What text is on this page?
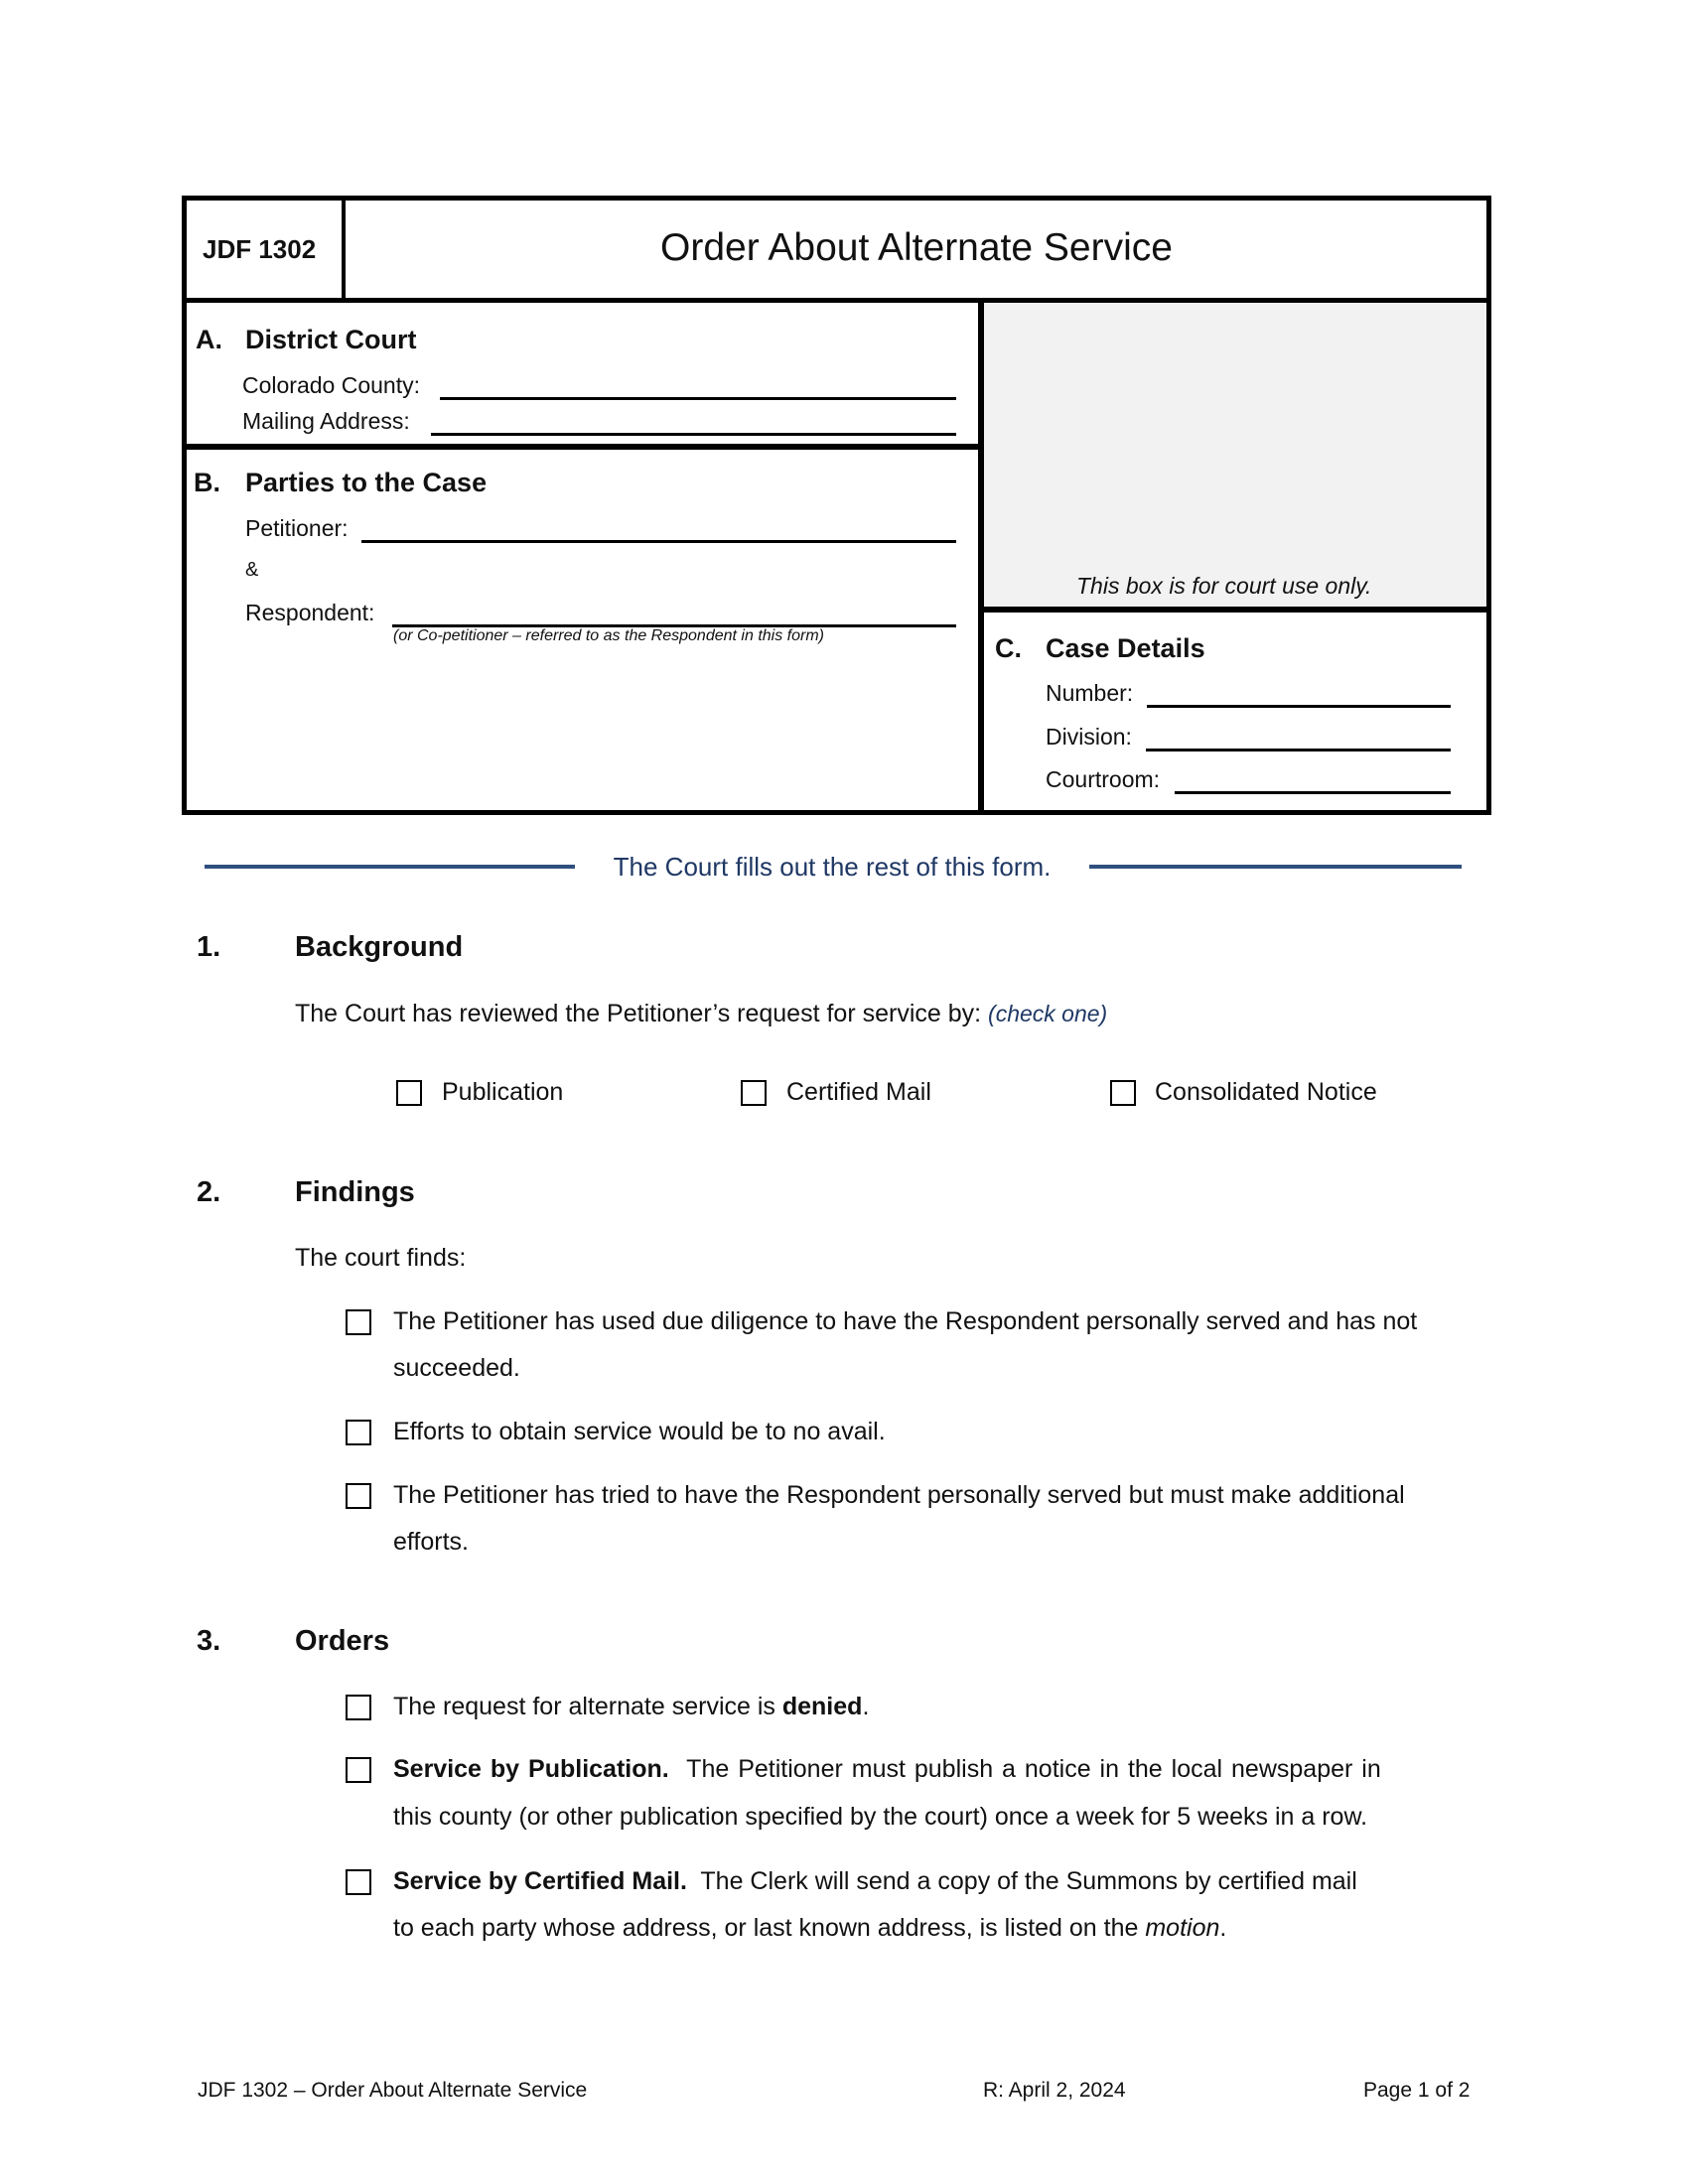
JDF 1302	Order About Alternate Service
This box is for court use only.
A. District Court
Colorado County:
Mailing Address:
B. Parties to the Case
Petitioner:
&
Respondent:
(or Co-petitioner – referred to as the Respondent in this form)	C. Case Details
Number:
Division:
Courtroom:
The Court fills out the rest of this form.
1.	Background
The Court has reviewed the Petitioner’s request for service by: (check one)
Publication	Certified Mail	Consolidated Notice
2.	Findings
The court finds:
The Petitioner has used due diligence to have the Respondent personally served and has not
succeeded.
Efforts to obtain service would be to no avail.
The Petitioner has tried to have the Respondent personally served but must make additional
efforts.
3.	Orders
The request for alternate service is denied.
Service by Publication. The Petitioner must publish a notice in the local newspaper in
this county (or other publication specified by the court) once a week for 5 weeks in a row.
Service by Certified Mail. The Clerk will send a copy of the Summons by certified mail
to each party whose address, or last known address, is listed on the motion.
JDF 1302 – Order About Alternate Service	R: April 2, 2024	Page 1 of 2
